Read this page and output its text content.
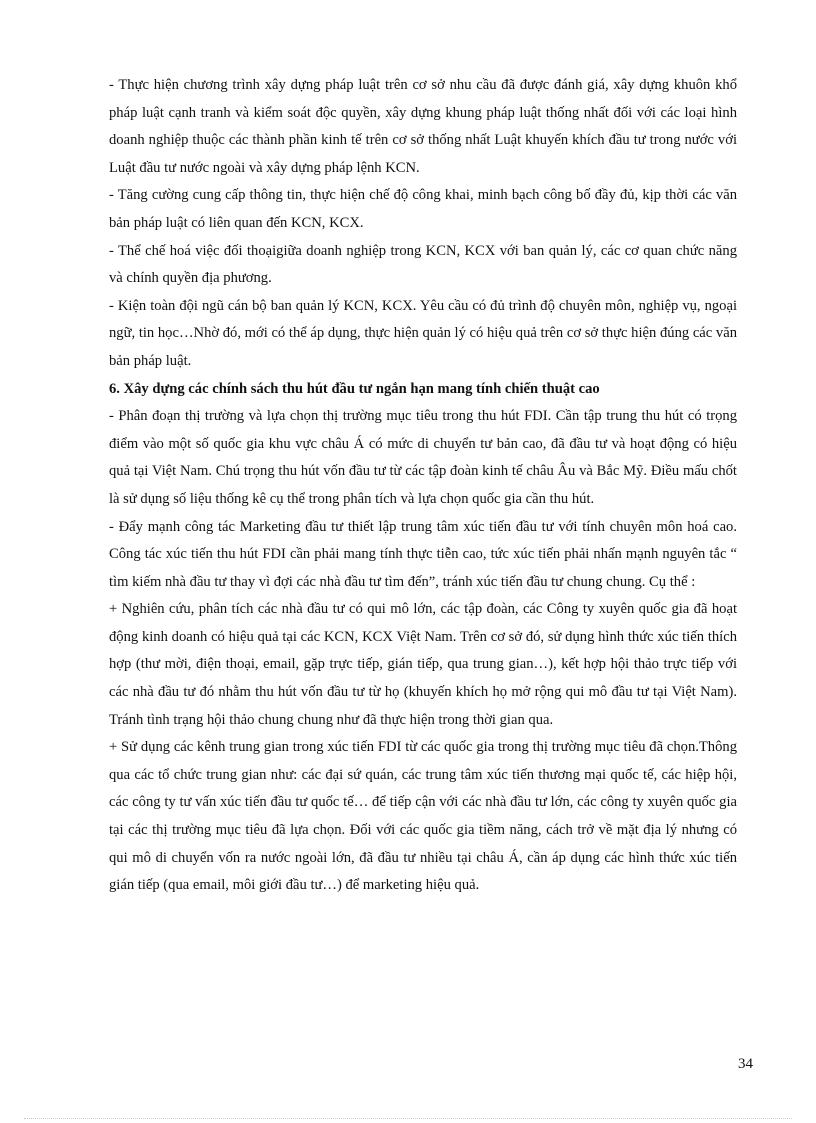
- Thực hiện chương trình xây dựng pháp luật trên cơ sở nhu cầu đã được đánh giá, xây dựng khuôn khổ pháp luật cạnh tranh và kiểm soát độc quyền, xây dựng khung pháp luật thống nhất đối với các loại hình doanh nghiệp thuộc các thành phần kinh tế trên cơ sở thống nhất Luật khuyến khích đầu tư trong nước với Luật đầu tư nước ngoài và xây dựng pháp lệnh KCN.

- Tăng cường cung cấp thông tin, thực hiện chế độ công khai, minh bạch công bố đầy đủ, kịp thời các văn bản pháp luật có liên quan đến KCN, KCX.

- Thể chế hoá việc đối thoạigiữa doanh nghiệp trong KCN, KCX với ban quản lý, các cơ quan chức năng và chính quyền địa phương.

- Kiện toàn đội ngũ cán bộ ban quản lý KCN, KCX. Yêu cầu có đủ trình độ chuyên môn, nghiệp vụ, ngoại ngữ, tin học…Nhờ đó, mới có thể áp dụng, thực hiện quản lý có hiệu quả trên cơ sở thực hiện đúng các văn bản pháp luật.

6. Xây dựng các chính sách thu hút đầu tư ngắn hạn mang tính chiến thuật cao

- Phân đoạn thị trường và lựa chọn thị trường mục tiêu trong thu hút FDI. Cần tập trung thu hút có trọng điểm vào một số quốc gia khu vực châu Á có mức di chuyển tư bản cao, đã đầu tư và hoạt động có hiệu quả tại Việt Nam. Chú trọng thu hút vốn đầu tư từ các tập đoàn kinh tế châu Âu và Bắc Mỹ. Điều mấu chốt là sử dụng số liệu thống kê cụ thể trong phân tích và lựa chọn quốc gia cần thu hút.

- Đẩy mạnh công tác Marketing đầu tư thiết lập trung tâm xúc tiến đầu tư với tính chuyên môn hoá cao. Công tác xúc tiến thu hút FDI cần phải mang tính thực tiễn cao, tức xúc tiến phải nhấn mạnh nguyên tắc “ tìm kiếm nhà đầu tư thay vì đợi các nhà đầu tư tìm đến”, tránh xúc tiến đầu tư chung chung. Cụ thể :

+ Nghiên cứu, phân tích các nhà đầu tư có qui mô lớn, các tập đoàn, các Công ty xuyên quốc gia đã hoạt động kinh doanh có hiệu quả tại các KCN, KCX Việt Nam. Trên cơ sở đó, sử dụng hình thức xúc tiến thích hợp (thư mời, điện thoại, email, gặp trực tiếp, gián tiếp, qua trung gian…), kết hợp hội thảo trực tiếp với các nhà đầu tư đó nhằm thu hút vốn đầu tư từ họ (khuyến khích họ mở rộng qui mô đầu tư tại Việt Nam). Tránh tình trạng hội thảo chung chung như đã thực hiện trong thời gian qua.

+ Sử dụng các kênh trung gian trong xúc tiến FDI từ các quốc gia trong thị trường mục tiêu đã chọn.Thông qua các tổ chức trung gian như: các đại sứ quán, các trung tâm xúc tiến thương mại quốc tế, các hiệp hội, các công ty tư vấn xúc tiến đầu tư quốc tế… để tiếp cận với các nhà đầu tư lớn, các công ty xuyên quốc gia tại các thị trường mục tiêu đã lựa chọn. Đối với các quốc gia tiềm năng, cách trở về mặt địa lý nhưng có qui mô di chuyển vốn ra nước ngoài lớn, đã đầu tư nhiều tại châu Á, cần áp dụng các hình thức xúc tiến gián tiếp (qua email, môi giới đầu tư…) để marketing hiệu quả.

34
